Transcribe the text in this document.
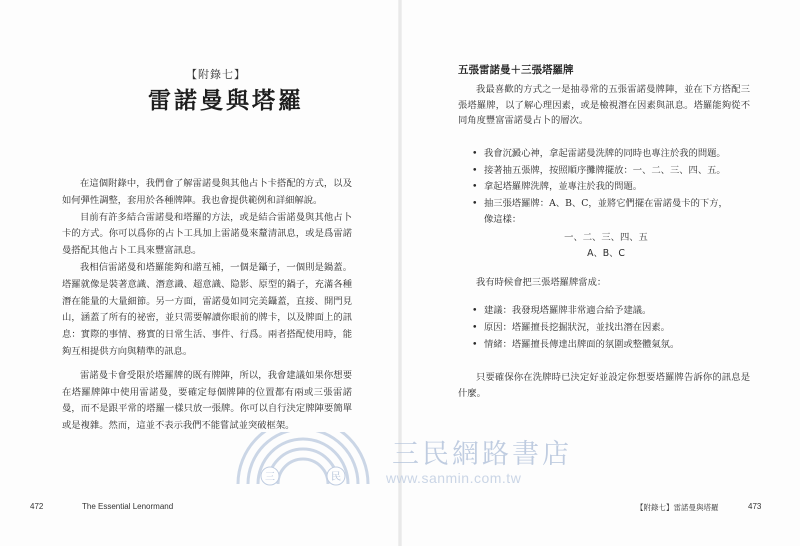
【附錄七】
雷諾曼與塔羅

在這個附錄中，我們會了解雷諾曼與其他占卜卡搭配的方式，以及如何彈性調整，套用於各種牌陣。我也會提供範例和詳細解說。

目前有許多結合雷諾曼和塔羅的方法，或是結合雷諾曼與其他占卜卡的方式。你可以爲你的占卜工具加上雷諾曼來釐清訊息，或是爲雷諾曼搭配其他占卜工具來豐富訊息。

我相信雷諾曼和塔羅能夠和諧互補，一個是鑷子，一個則是鍋蓋。塔羅就像是裝著意識、潛意識、超意識、隐影、原型的鍋子，充滿各種潛在能量的大量細節。另一方面，雷諾曼如同完美鑷蓋，直接、開門見山，涵蓋了所有的祕密，並只需要解讀你眼前的牌卡，以及牌面上的訊息：實際的事情、務實的日常生活、事件、行爲。兩者搭配使用時，能夠互相提供方向與精準的訊息。

雷諾曼卡會受限於塔羅牌的既有牌陣，所以，我會建議如果你想要在塔羅牌陣中使用雷諾曼，要確定每個牌陣的位置都有兩或三張雷諾曼，而不是跟平常的塔羅一樣只放一張牌。你可以自行決定牌陣要簡單或是複雜。然而，這並不表示我們不能嘗試並突破框架。

五張雷諾曼＋三張塔羅牌

我最喜歡的方式之一是抽尋常的五張雷諾曼牌陣，並在下方搭配三張塔羅牌，以了解心理因素，或是檢視潛在因素與訊息。塔羅能夠從不同角度豐富雷諾曼占卜的層次。

• 我會沉澱心神，拿起雷諾曼洗牌的同時也專注於我的問題。
• 接著抽五張牌，按照順序攤牌擺放：一、二、三、四、五。
• 拿起塔羅牌洗牌，並專注於我的問題。
• 抽三張塔羅牌：A、B、C，並將它們擺在雷諾曼卡的下方，
像這樣：
一、二、三、四、五
A、B、C

我有時候會把三張塔羅牌當成：

• 建議：我發現塔羅牌非常適合給予建議。
• 原因：塔羅擅長挖掘狀況，並找出潛在因素。
• 情緒：塔羅擅長傳達出牌面的氛圍或整體氣氛。

只要確保你在洗牌時已決定好並設定你想要塔羅牌告訴你的訊息是什麼。

三	民
三民網路書店
www.sanmin.com.tw
472	The Essential Lenormand	【附錄七】雷諾曼與塔羅	473
